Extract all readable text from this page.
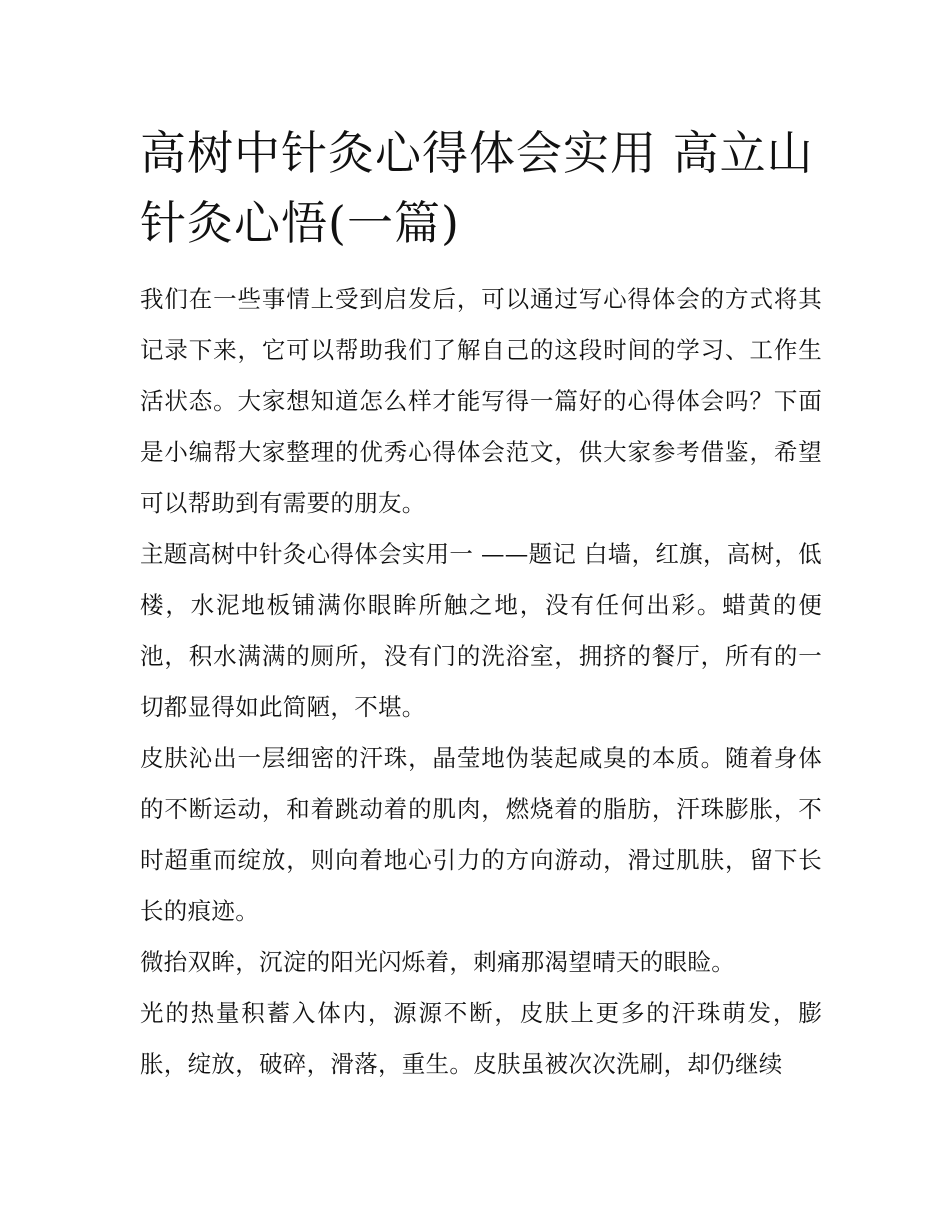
高树中针灸心得体会实用 高立山针灸心悟(一篇)

我们在一些事情上受到启发后，可以通过写心得体会的方式将其记录下来，它可以帮助我们了解自己的这段时间的学习、工作生活状态。大家想知道怎么样才能写得一篇好的心得体会吗？下面是小编帮大家整理的优秀心得体会范文，供大家参考借鉴，希望可以帮助到有需要的朋友。

主题高树中针灸心得体会实用一 ——题记 白墙，红旗，高树，低楼，水泥地板铺满你眼眸所触之地，没有任何出彩。蜡黄的便池，积水满满的厕所，没有门的洗浴室，拥挤的餐厅，所有的一切都显得如此简陋，不堪。

皮肤沁出一层细密的汗珠，晶莹地伪装起咸臭的本质。随着身体的不断运动，和着跳动着的肌肉，燃烧着的脂肪，汗珠膨胀，不时超重而绽放，则向着地心引力的方向游动，滑过肌肤，留下长长的痕迹。

微抬双眸，沉淀的阳光闪烁着，刺痛那渴望晴天的眼睑。

光的热量积蓄入体内，源源不断，皮肤上更多的汗珠萌发，膨胀，绽放，破碎，滑落，重生。皮肤虽被次次洗刷，却仍继续
